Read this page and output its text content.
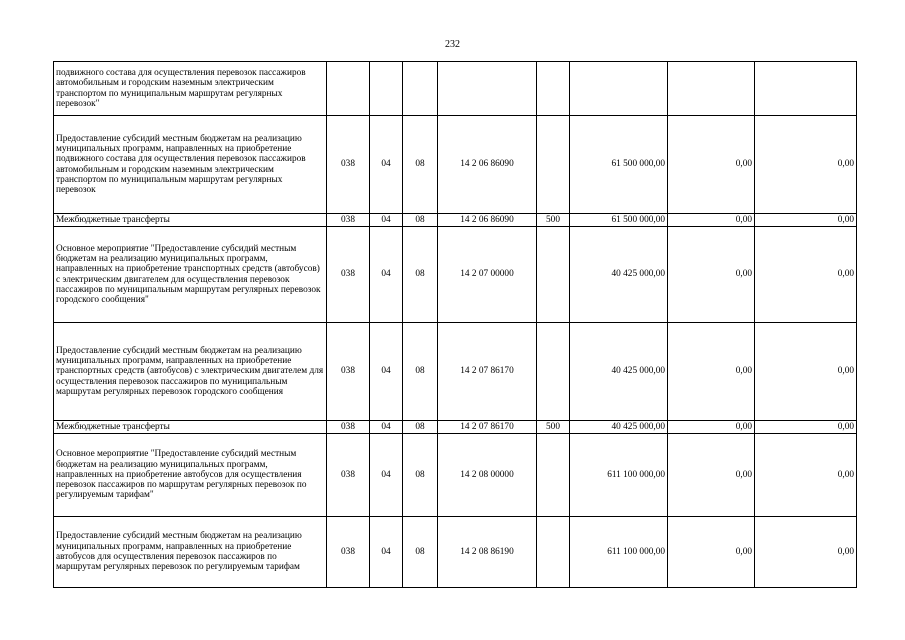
232
подвижного состава для осуществления перевозок пассажиров автомобильным и городским наземным электрическим транспортом по муниципальным маршрутам регулярных перевозок"								
Предоставление субсидий местным бюджетам на реализацию муниципальных программ, направленных на приобретение подвижного состава для осуществления перевозок пассажиров автомобильным и городским наземным электрическим транспортом по муниципальным маршрутам регулярных перевозок	038	04	08	14 2 06 86090		61 500 000,00	0,00	0,00
Межбюджетные трансферты	038	04	08	14 2 06 86090	500	61 500 000,00	0,00	0,00
Основное мероприятие "Предоставление субсидий местным бюджетам на реализацию муниципальных программ, направленных на приобретение транспортных средств (автобусов) с электрическим двигателем для осуществления перевозок пассажиров по муниципальным маршрутам регулярных перевозок городского сообщения"	038	04	08	14 2 07 00000		40 425 000,00	0,00	0,00
Предоставление субсидий местным бюджетам на реализацию муниципальных программ, направленных на приобретение транспортных средств (автобусов) с электрическим двигателем для осуществления перевозок пассажиров по муниципальным маршрутам регулярных перевозок городского сообщения	038	04	08	14 2 07 86170		40 425 000,00	0,00	0,00
Межбюджетные трансферты	038	04	08	14 2 07 86170	500	40 425 000,00	0,00	0,00
Основное мероприятие "Предоставление субсидий местным бюджетам на реализацию муниципальных программ, направленных на приобретение автобусов для осуществления перевозок пассажиров по маршрутам регулярных перевозок по регулируемым тарифам"	038	04	08	14 2 08 00000		611 100 000,00	0,00	0,00
Предоставление субсидий местным бюджетам на реализацию муниципальных программ, направленных на приобретение автобусов для осуществления перевозок пассажиров по маршрутам регулярных перевозок по регулируемым тарифам	038	04	08	14 2 08 86190		611 100 000,00	0,00	0,00
